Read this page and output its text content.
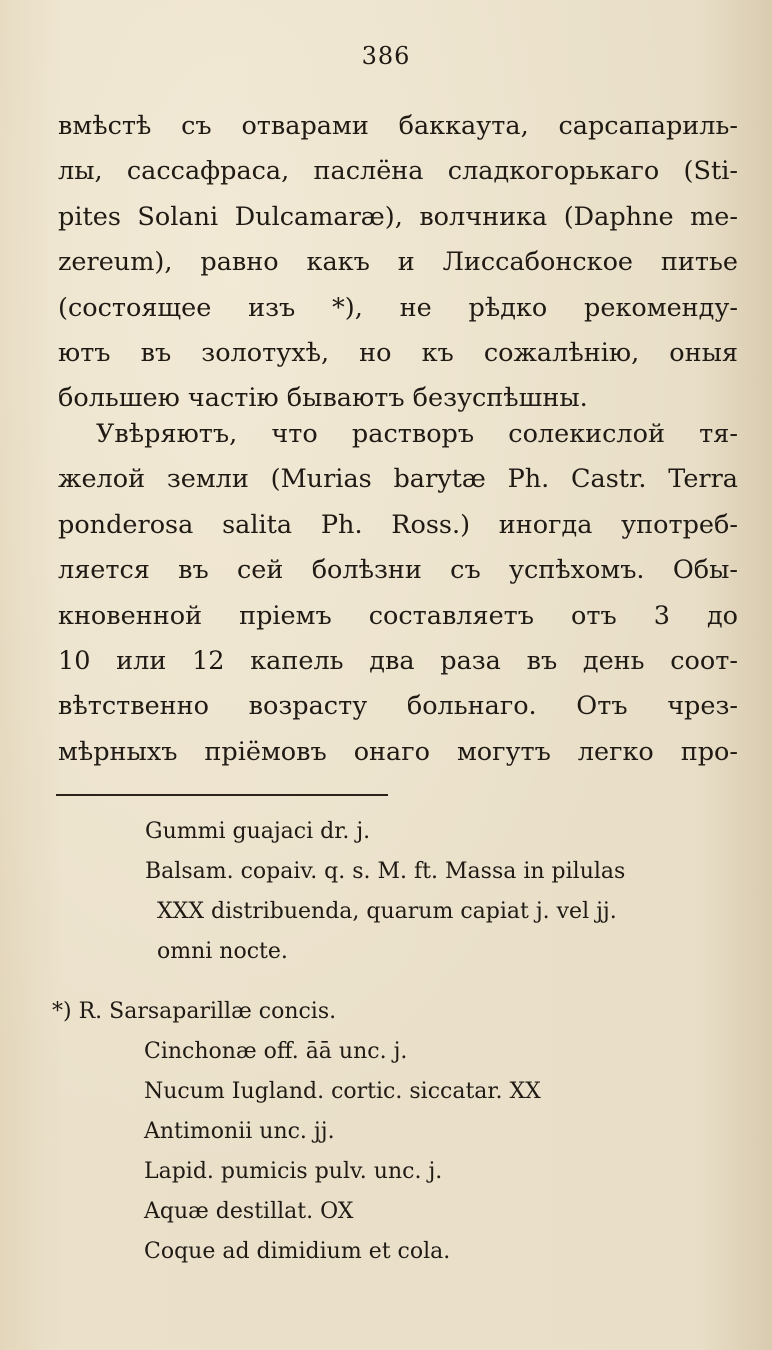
386
вмѣстѣ съ отварами баккаута, сарсапариль-
лы, сассафраса, паслёна сладкогорькаго (Sti-
pites Solani Dulcamaræ), волчника (Daphne me-
zereum), равно какъ и Лиссабонское питье
(состоящее изъ *), не рѣдко рекоменду-
ютъ въ золотухѣ, но къ сожалѣнію, оныя
большею частію бываютъ безуспѣшны.
Увѣряютъ, что растворъ солекислой тя-
желой земли (Murias barytæ Ph. Castr. Terra
ponderosa salita Ph. Ross.) иногда употреб-
ляется въ сей болѣзни съ успѣхомъ. Обы-
кновенной пріемъ составляетъ отъ 3 до
10 или 12 капель два раза въ день соот-
вѣтственно возрасту больнаго. Отъ чрез-
мѣрныхъ пріёмовъ онаго могутъ легко про-
Gummi guajaci dr. j.
Balsam. copaiv. q. s. M. ft. Massa in pilulas
XXX distribuenda, quarum capiat j. vel jj.
omni nocte.
*) R. Sarsaparillæ concis.
Cinchonæ off. āā unc. j.
Nucum Iugland. cortic. siccatar. XX
Antimonii unc. jj.
Lapid. pumicis pulv. unc. j.
Aquæ destillat. OX
Coque ad dimidium et cola.
